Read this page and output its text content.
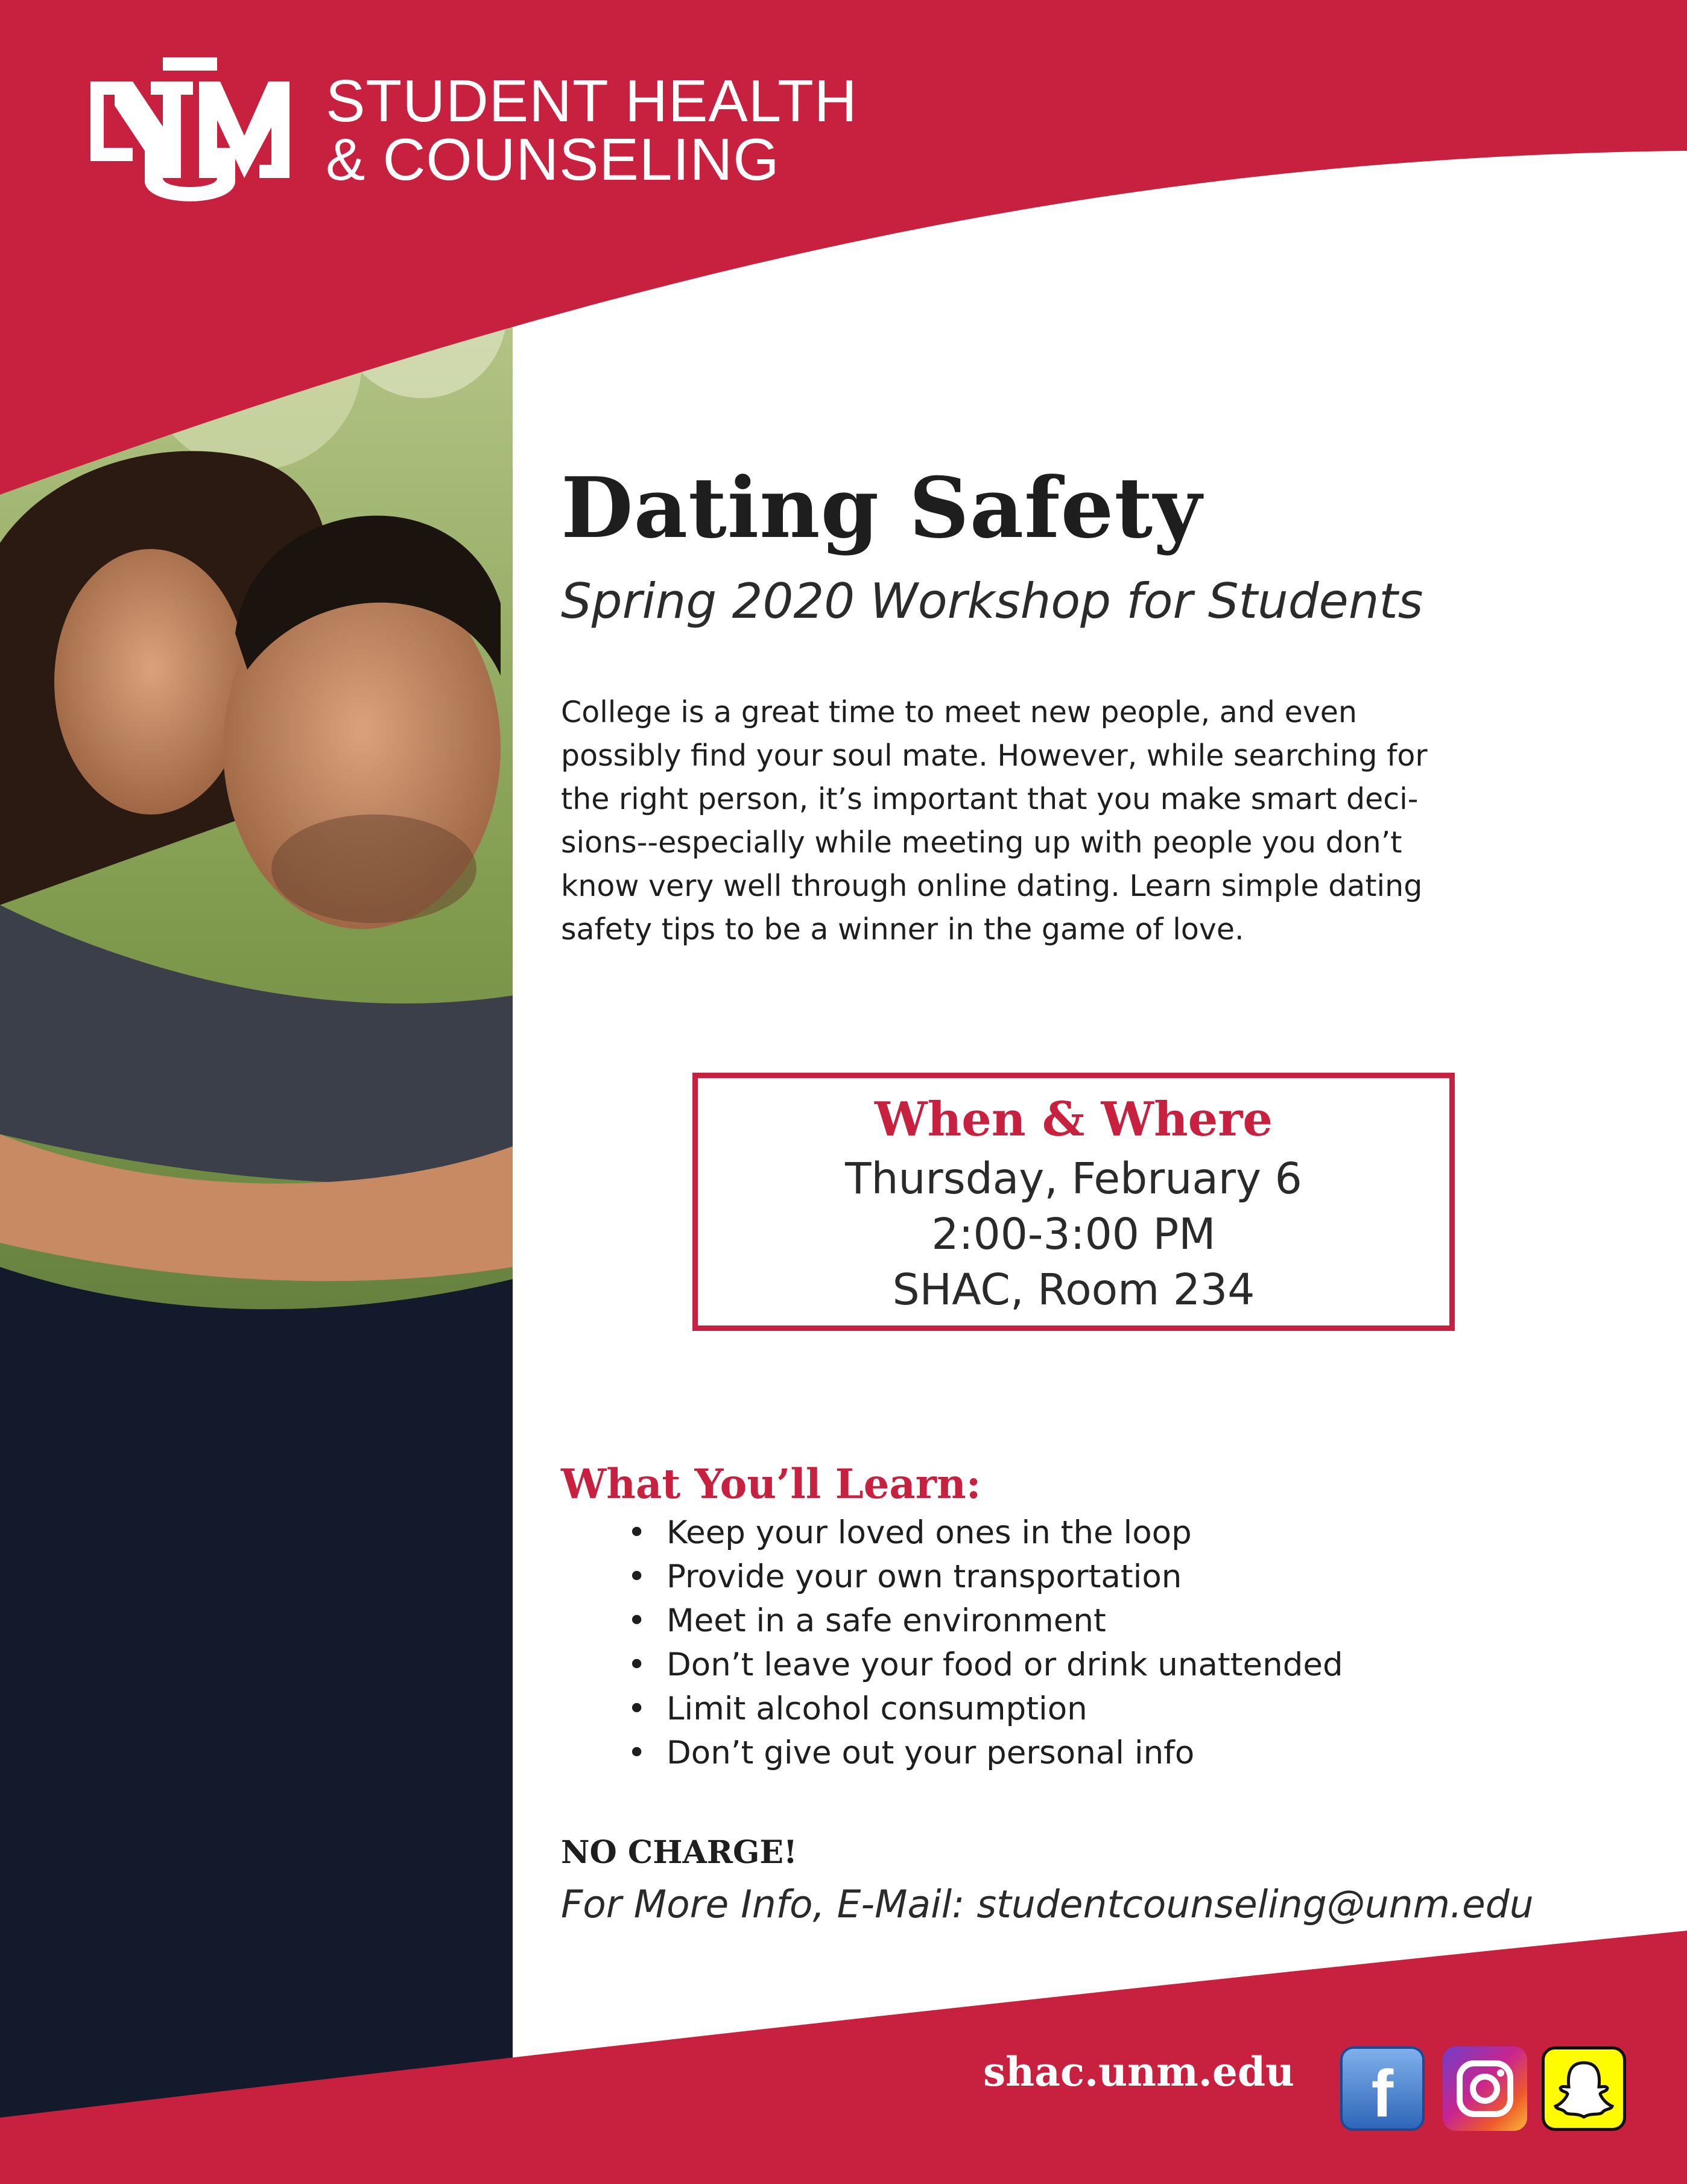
STUDENT HEALTH
& COUNSELING
Dating Safety
Spring 2020 Workshop for Students
College is a great time to meet new people, and even
possibly find your soul mate. However, while searching for
the right person, it’s important that you make smart deci-
sions--especially while meeting up with people you don’t
know very well through online dating. Learn simple dating
safety tips to be a winner in the game of love.
When & Where
Thursday, February 6
2:00-3:00 PM
SHAC, Room 234
What You’ll Learn:
• Keep your loved ones in the loop
• Provide your own transportation
• Meet in a safe environment
• Don’t leave your food or drink unattended
• Limit alcohol consumption
• Don’t give out your personal info
NO CHARGE!
For More Info, E-Mail: studentcounseling@unm.edu
shac.unm.edu f
